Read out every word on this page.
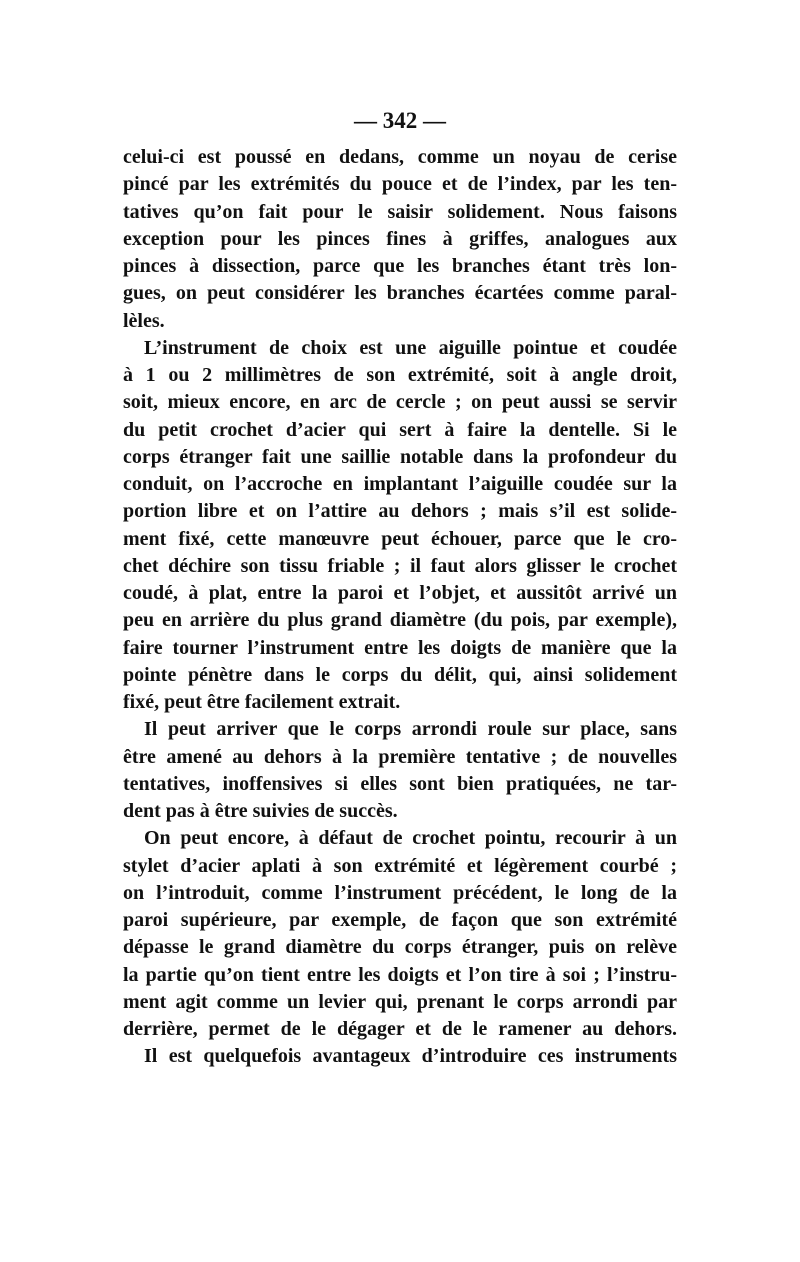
— 342 —
celui-ci est poussé en dedans, comme un noyau de cerise
pincé par les extrémités du pouce et de l’index, par les ten-
tatives qu’on fait pour le saisir solidement. Nous faisons
exception pour les pinces fines à griffes, analogues aux
pinces à dissection, parce que les branches étant très lon-
gues, on peut considérer les branches écartées comme paral-
lèles.
L’instrument de choix est une aiguille pointue et coudée
à 1 ou 2 millimètres de son extrémité, soit à angle droit,
soit, mieux encore, en arc de cercle ; on peut aussi se servir
du petit crochet d’acier qui sert à faire la dentelle. Si le
corps étranger fait une saillie notable dans la profondeur du
conduit, on l’accroche en implantant l’aiguille coudée sur la
portion libre et on l’attire au dehors ; mais s’il est solide-
ment fixé, cette manœuvre peut échouer, parce que le cro-
chet déchire son tissu friable ; il faut alors glisser le crochet
coudé, à plat, entre la paroi et l’objet, et aussitôt arrivé un
peu en arrière du plus grand diamètre (du pois, par exemple),
faire tourner l’instrument entre les doigts de manière que la
pointe pénètre dans le corps du délit, qui, ainsi solidement
fixé, peut être facilement extrait.
Il peut arriver que le corps arrondi roule sur place, sans
être amené au dehors à la première tentative ; de nouvelles
tentatives, inoffensives si elles sont bien pratiquées, ne tar-
dent pas à être suivies de succès.
On peut encore, à défaut de crochet pointu, recourir à un
stylet d’acier aplati à son extrémité et légèrement courbé ;
on l’introduit, comme l’instrument précédent, le long de la
paroi supérieure, par exemple, de façon que son extrémité
dépasse le grand diamètre du corps étranger, puis on relève
la partie qu’on tient entre les doigts et l’on tire à soi ; l’instru-
ment agit comme un levier qui, prenant le corps arrondi par
derrière, permet de le dégager et de le ramener au dehors.
Il est quelquefois avantageux d’introduire ces instruments
